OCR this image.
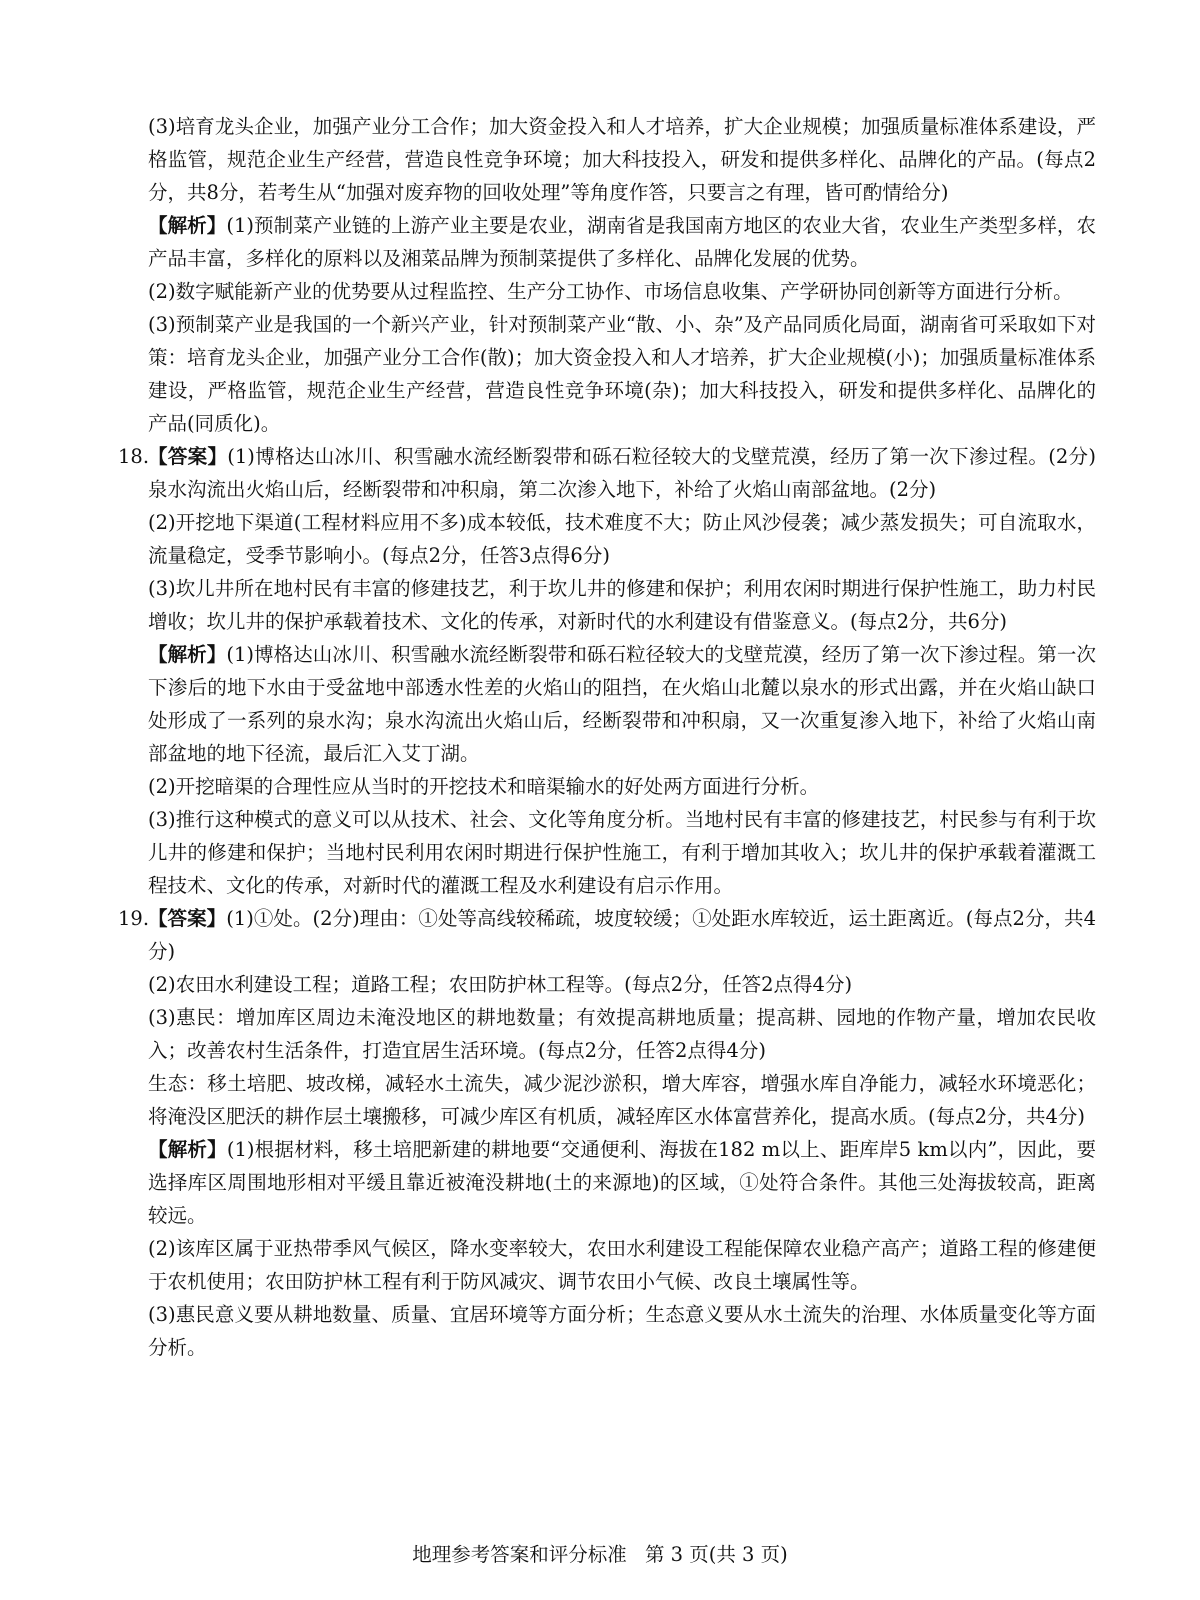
(3)培育龙头企业，加强产业分工合作；加大资金投入和人才培养，扩大企业规模；加强质量标准体系建设，严格监管，规范企业生产经营，营造良性竞争环境；加大科技投入，研发和提供多样化、品牌化的产品。(每点2分，共8分，若考生从“加强对废弃物的回收处理”等角度作答，只要言之有理，皆可酌情给分)

【解析】(1)预制菜产业链的上游产业主要是农业，湖南省是我国南方地区的农业大省，农业生产类型多样，农产品丰富，多样化的原料以及湘菜品牌为预制菜提供了多样化、品牌化发展的优势。

(2)数字赋能新产业的优势要从过程监控、生产分工协作、市场信息收集、产学研协同创新等方面进行分析。

(3)预制菜产业是我国的一个新兴产业，针对预制菜产业“散、小、杂”及产品同质化局面，湖南省可采取如下对策：培育龙头企业，加强产业分工合作(散)；加大资金投入和人才培养，扩大企业规模(小)；加强质量标准体系建设，严格监管，规范企业生产经营，营造良性竞争环境(杂)；加大科技投入，研发和提供多样化、品牌化的产品(同质化)。

18.

【答案】(1)博格达山冰川、积雪融水流经断裂带和砾石粒径较大的戈壁荒漠，经历了第一次下渗过程。(2分)泉水沟流出火焰山后，经断裂带和冲积扇，第二次渗入地下，补给了火焰山南部盆地。(2分)

(2)开挖地下渠道(工程材料应用不多)成本较低，技术难度不大；防止风沙侵袭；减少蒸发损失；可自流取水，流量稳定，受季节影响小。(每点2分，任答3点得6分)

(3)坎儿井所在地村民有丰富的修建技艺，利于坎儿井的修建和保护；利用农闲时期进行保护性施工，助力村民增收；坎儿井的保护承载着技术、文化的传承，对新时代的水利建设有借鉴意义。(每点2分，共6分)

【解析】(1)博格达山冰川、积雪融水流经断裂带和砾石粒径较大的戈壁荒漠，经历了第一次下渗过程。第一次下渗后的地下水由于受盆地中部透水性差的火焰山的阻挡，在火焰山北麓以泉水的形式出露，并在火焰山缺口处形成了一系列的泉水沟；泉水沟流出火焰山后，经断裂带和冲积扇，又一次重复渗入地下，补给了火焰山南部盆地的地下径流，最后汇入艾丁湖。

(2)开挖暗渠的合理性应从当时的开挖技术和暗渠输水的好处两方面进行分析。

(3)推行这种模式的意义可以从技术、社会、文化等角度分析。当地村民有丰富的修建技艺，村民参与有利于坎儿井的修建和保护；当地村民利用农闲时期进行保护性施工，有利于增加其收入；坎儿井的保护承载着灌溉工程技术、文化的传承，对新时代的灌溉工程及水利建设有启示作用。

19.

【答案】(1)①处。(2分)理由：①处等高线较稀疏，坡度较缓；①处距水库较近，运土距离近。(每点2分，共4分)

(2)农田水利建设工程；道路工程；农田防护林工程等。(每点2分，任答2点得4分)

(3)惠民：增加库区周边未淹没地区的耕地数量；有效提高耕地质量；提高耕、园地的作物产量，增加农民收入；改善农村生活条件，打造宜居生活环境。(每点2分，任答2点得4分)

生态：移土培肥、坡改梯，减轻水土流失，减少泥沙淤积，增大库容，增强水库自净能力，减轻水环境恶化；将淹没区肥沃的耕作层土壤搬移，可减少库区有机质，减轻库区水体富营养化，提高水质。(每点2分，共4分)

【解析】(1)根据材料，移土培肥新建的耕地要“交通便利、海拔在182 m以上、距库岸5 km以内”，因此，要选择库区周围地形相对平缓且靠近被淹没耕地(土的来源地)的区域，①处符合条件。其他三处海拔较高，距离较远。

(2)该库区属于亚热带季风气候区，降水变率较大，农田水利建设工程能保障农业稳产高产；道路工程的修建便于农机使用；农田防护林工程有利于防风减灾、调节农田小气候、改良土壤属性等。

(3)惠民意义要从耕地数量、质量、宜居环境等方面分析；生态意义要从水土流失的治理、水体质量变化等方面分析。

地理参考答案和评分标准 第 3 页(共 3 页)
